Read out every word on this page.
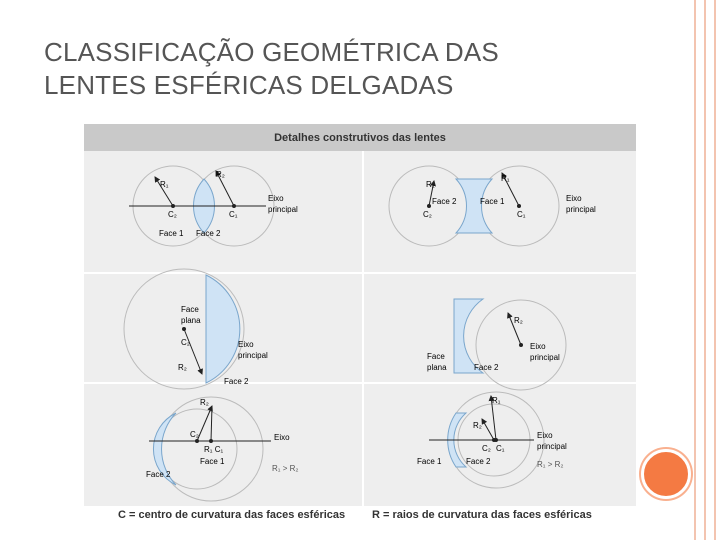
CLASSIFICAÇÃO GEOMÉTRICA DAS LENTES ESFÉRICAS DELGADAS
Detalhes construtivos das lentes
R₁
R₂
C₂	C₁
Face 1 Face 2
Eixo
principal
R₂
R₁
C₂	C₁
Face 2	Face 1	Eixo
principal
C₂
R₂
Face
plana
Eixo
principal
Face 2
R₂
Eixo
principal
Face
plana	Face 2
R₂
C₂
R₁ C₁
Eixo
Face 1
Face 2
R₁ > R₂
R₁
R₂
C₂ C₁
Eixo
principal
Face 1	Face 2	R₁ > R₂
C = centro de curvatura das faces esféricas R = raios de curvatura das faces esféricas
